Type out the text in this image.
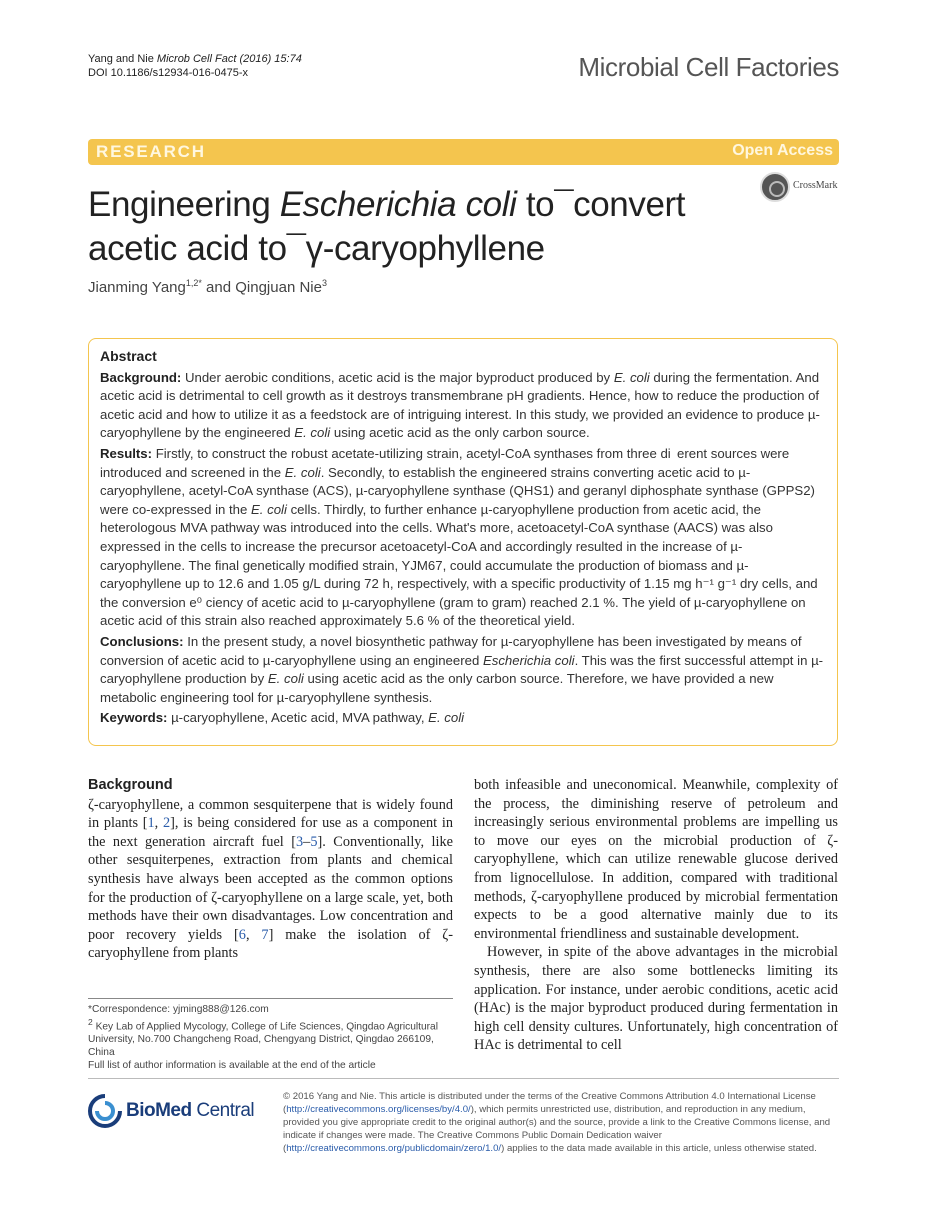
Yang and Nie Microb Cell Fact (2016) 15:74
DOI 10.1186/s12934-016-0475-x	Microbial Cell Factories
RESEARCH	Open Access
CrossMark
Engineering Escherichia coli to¯convert
acetic acid to¯γ-caryophyllene
Jianming Yang$^{1,2*}$ and Qingjuan Nie$^3$
Abstract

Background: Under aerobic conditions, acetic acid is the major byproduct produced by E. coli during the fermentation. And acetic acid is detrimental to cell growth as it destroys transmembrane pH gradients. Hence, how to reduce the production of acetic acid and how to utilize it as a feedstock are of intriguing interest. In this study, we provided an evidence to produce µ-caryophyllene by the engineered E. coli using acetic acid as the only carbon source.

Results: Firstly, to construct the robust acetate-utilizing strain, acetyl-CoA synthases from three di  erent sources were introduced and screened in the E. coli. Secondly, to establish the engineered strains converting acetic acid to µ-caryophyllene, acetyl-CoA synthase (ACS), µ-caryophyllene synthase (QHS1) and geranyl diphosphate synthase (GPPS2) were co-expressed in the E. coli cells. Thirdly, to further enhance µ-caryophyllene production from acetic acid, the heterologous MVA pathway was introduced into the cells. What's more, acetoacetyl-CoA synthase (AACS) was also expressed in the cells to increase the precursor acetoacetyl-CoA and accordingly resulted in the increase of µ-caryophyllene. The final genetically modified strain, YJM67, could accumulate the production of biomass and µ-caryophyllene up to 12.6 and 1.05 g/L during 72 h, respectively, with a specific productivity of 1.15 mg h⁻¹ g⁻¹ dry cells, and the conversion e⁰ ciency of acetic acid to µ-caryophyllene (gram to gram) reached 2.1 %. The yield of µ-caryophyllene on acetic acid of this strain also reached approximately 5.6 % of the theoretical yield.

Conclusions: In the present study, a novel biosynthetic pathway for µ-caryophyllene has been investigated by means of conversion of acetic acid to µ-caryophyllene using an engineered Escherichia coli. This was the first successful attempt in µ-caryophyllene production by E. coli using acetic acid as the only carbon source. Therefore, we have provided a new metabolic engineering tool for µ-caryophyllene synthesis.

Keywords: µ-caryophyllene, Acetic acid, MVA pathway, E. coli

Background

ζ-caryophyllene, a common sesquiterpene that is widely found in plants [1, 2], is being considered for use as a component in the next generation aircraft fuel [3–5]. Conventionally, like other sesquiterpenes, extraction from plants and chemical synthesis have always been accepted as the common options for the production of ζ-caryophyllene on a large scale, yet, both methods have their own disadvantages. Low concentration and poor recovery yields [6, 7] make the isolation of ζ-caryophyllene from plants

both infeasible and uneconomical. Meanwhile, complexity of the process, the diminishing reserve of petroleum and increasingly serious environmental problems are impelling us to move our eyes on the microbial production of ζ-caryophyllene, which can utilize renewable glucose derived from lignocellulose. In addition, compared with traditional methods, ζ-caryophyllene produced by microbial fermentation expects to be a good alternative mainly due to its environmental friendliness and sustainable development.

However, in spite of the above advantages in the microbial synthesis, there are also some bottlenecks limiting its application. For instance, under aerobic conditions, acetic acid (HAc) is the major byproduct produced during fermentation in high cell density cultures. Unfortunately, high concentration of HAc is detrimental to cell

*Correspondence: yjming888@126.com

$^2$ Key Lab of Applied Mycology, College of Life Sciences, Qingdao Agricultural University, No.700 Changcheng Road, Chengyang District, Qingdao 266109, China

Full list of author information is available at the end of the article

BioMed Central
© 2016 Yang and Nie. This article is distributed under the terms of the Creative Commons Attribution 4.0 International License (http://creativecommons.org/licenses/by/4.0/), which permits unrestricted use, distribution, and reproduction in any medium, provided you give appropriate credit to the original author(s) and the source, provide a link to the Creative Commons license, and indicate if changes were made. The Creative Commons Public Domain Dedication waiver (http://creativecommons.org/publicdomain/zero/1.0/) applies to the data made available in this article, unless otherwise stated.
